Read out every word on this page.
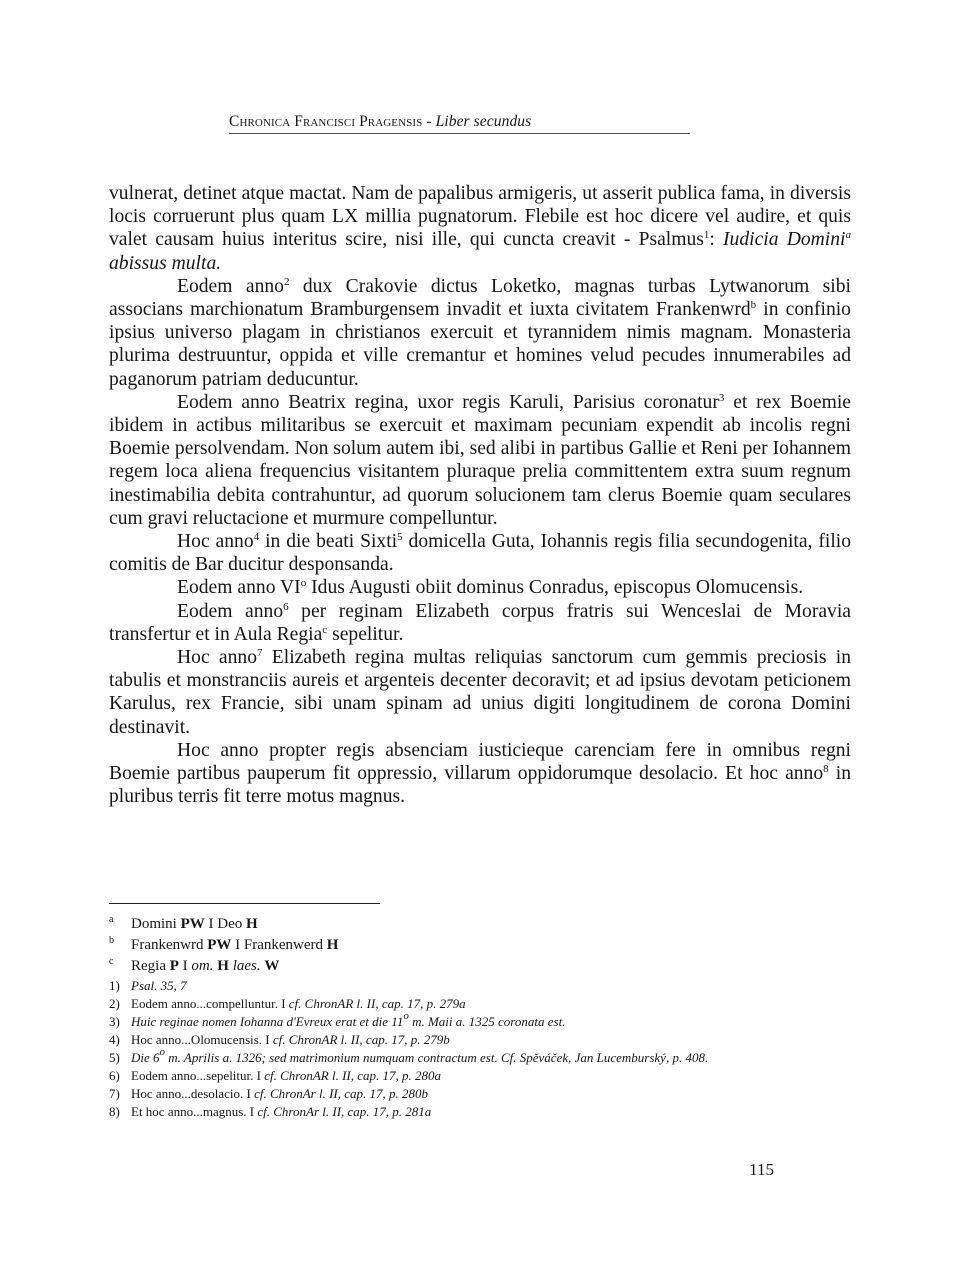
Chronica Francisci Pragensis - Liber secundus

vulnerat, detinet atque mactat. Nam de papalibus armigeris, ut asserit publica fama, in diversis locis corruerunt plus quam LX millia pugnatorum. Flebile est hoc dicere vel audire, et quis valet causam huius interitus scire, nisi ille, qui cuncta creavit - Psalmus$^1$: Iudicia Domini$^a$ abissus multa.

Eodem anno$^2$ dux Crakovie dictus Loketko, magnas turbas Lytwanorum sibi associans marchionatum Bramburgensem invadit et iuxta civitatem Frankenwrd$^b$ in confinio ipsius universo plagam in christianos exercuit et tyrannidem nimis magnam. Monasteria plurima destruuntur, oppida et ville cremantur et homines velud pecudes innumerabiles ad paganorum patriam deducuntur.

Eodem anno Beatrix regina, uxor regis Karuli, Parisius coronatur$^3$ et rex Boemie ibidem in actibus militaribus se exercuit et maximam pecuniam expendit ab incolis regni Boemie persolvendam. Non solum autem ibi, sed alibi in partibus Gallie et Reni per Iohannem regem loca aliena frequencius visitantem pluraque prelia committentem extra suum regnum inestimabilia debita contrahuntur, ad quorum solucionem tam clerus Boemie quam seculares cum gravi reluctacione et murmure compelluntur.

Hoc anno$^4$ in die beati Sixti$^5$ domicella Guta, Iohannis regis filia secundogenita, filio comitis de Bar ducitur desponsanda.

Eodem anno $VI^o$ Idus Augusti obiit dominus Conradus, episcopus Olomucensis.

Eodem anno$^6$ per reginam Elizabeth corpus fratris sui Wenceslai de Moravia transfertur et in Aula Regia$^c$ sepelitur.

Hoc anno$^7$ Elizabeth regina multas reliquias sanctorum cum gemmis preciosis in tabulis et monstranciis aureis et argenteis decenter decoravit; et ad ipsius devotam peticionem Karulus, rex Francie, sibi unam spinam ad unius digiti longitudinem de corona Domini destinavit.

Hoc anno propter regis absenciam iusticieque carenciam fere in omnibus regni Boemie partibus pauperum fit oppressio, villarum oppidorumque desolacio. Et hoc anno$^8$ in pluribus terris fit terre motus magnus.

$^a$ Domini PW I Deo H
$^b$ Frankenwrd PW I Frankenwerd H
$^c$ Regia P I om. H laes. W
1) Psal. 35, 7
2) Eodem anno...compelluntur. I cf. ChronAR l. II, cap. 17, p. 279a
3) Huic reginae nomen Iohanna d'Evreux erat et die 11$^o$ m. Maii a. 1325 coronata est.
4) Hoc anno...Olomucensis. I cf. ChronAR l. II, cap. 17, p. 279b
5) Die 6$^o$ m. Aprilis a. 1326; sed matrimonium numquam contractum est. Cf. Spěváček, Jan Lucemburský, p. 408.
6) Eodem anno...sepelitur. I cf. ChronAR l. II, cap. 17, p. 280a
7) Hoc anno...desolacio. I cf. ChronAr l. II, cap. 17, p. 280b
8) Et hoc anno...magnus. I cf. ChronAr l. II, cap. 17, p. 281a
115
